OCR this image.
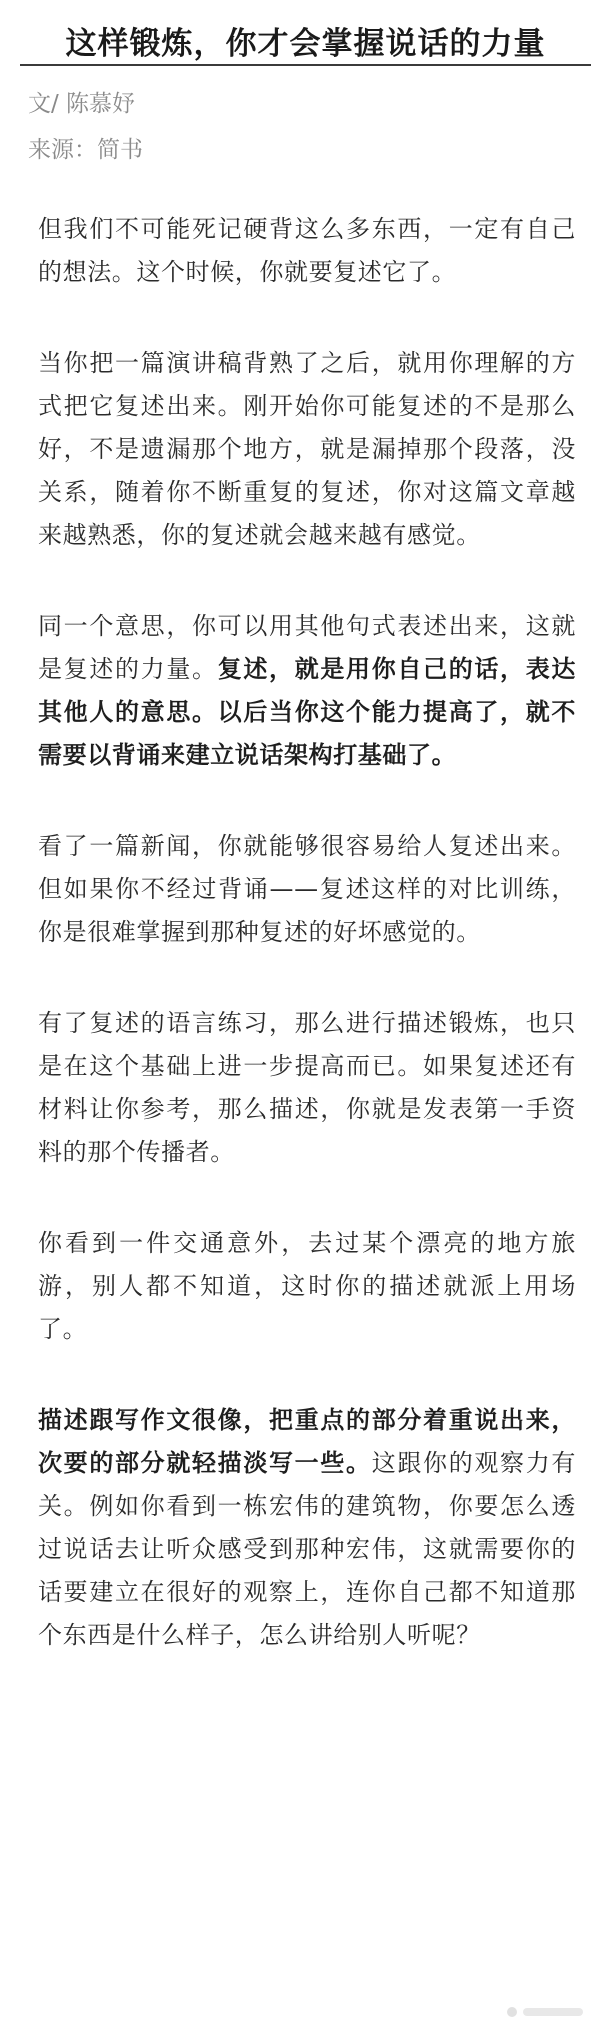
这样锻炼，你才会掌握说话的力量
文/ 陈慕妤
来源：简书

但我们不可能死记硬背这么多东西，一定有自己的想法。这个时候，你就要复述它了。

当你把一篇演讲稿背熟了之后，就用你理解的方式把它复述出来。刚开始你可能复述的不是那么好，不是遗漏那个地方，就是漏掉那个段落，没关系，随着你不断重复的复述，你对这篇文章越来越熟悉，你的复述就会越来越有感觉。

同一个意思，你可以用其他句式表述出来，这就是复述的力量。复述，就是用你自己的话，表达其他人的意思。以后当你这个能力提高了，就不需要以背诵来建立说话架构打基础了。

看了一篇新闻，你就能够很容易给人复述出来。但如果你不经过背诵——复述这样的对比训练，你是很难掌握到那种复述的好坏感觉的。

有了复述的语言练习，那么进行描述锻炼，也只是在这个基础上进一步提高而已。如果复述还有材料让你参考，那么描述，你就是发表第一手资料的那个传播者。

你看到一件交通意外，去过某个漂亮的地方旅游，别人都不知道，这时你的描述就派上用场了。

描述跟写作文很像，把重点的部分着重说出来，次要的部分就轻描淡写一些。这跟你的观察力有关。例如你看到一栋宏伟的建筑物，你要怎么透过说话去让听众感受到那种宏伟，这就需要你的话要建立在很好的观察上，连你自己都不知道那个东西是什么样子，怎么讲给别人听呢？
